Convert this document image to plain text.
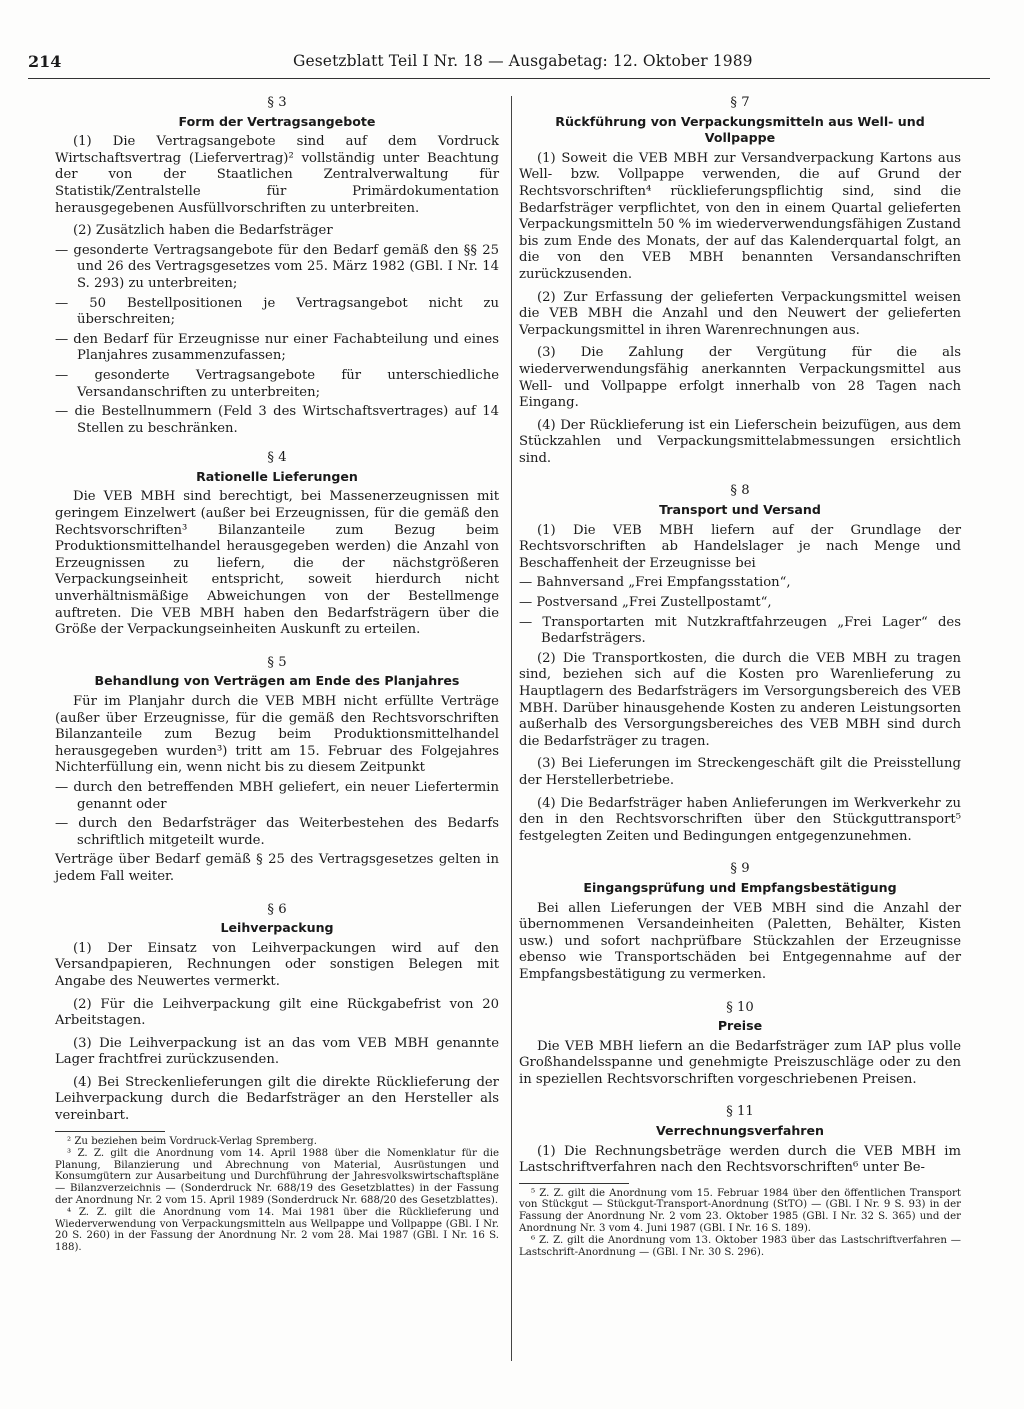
214	Gesetzblatt Teil I Nr. 18 — Ausgabetag: 12. Oktober 1989
§ 3
Form der Vertragsangebote

(1) Die Vertragsangebote sind auf dem Vordruck Wirtschaftsvertrag (Liefervertrag)² vollständig unter Beachtung der von der Staatlichen Zentralverwaltung für Statistik/Zentralstelle für Primärdokumentation herausgegebenen Ausfüllvorschriften zu unterbreiten.

(2) Zusätzlich haben die Bedarfsträger

— gesonderte Vertragsangebote für den Bedarf gemäß den §§ 25 und 26 des Vertragsgesetzes vom 25. März 1982 (GBl. I Nr. 14 S. 293) zu unterbreiten;

— 50 Bestellpositionen je Vertragsangebot nicht zu überschreiten;

— den Bedarf für Erzeugnisse nur einer Fachabteilung und eines Planjahres zusammenzufassen;

— gesonderte Vertragsangebote für unterschiedliche Versandanschriften zu unterbreiten;

— die Bestellnummern (Feld 3 des Wirtschaftsvertrages) auf 14 Stellen zu beschränken.

§ 4
Rationelle Lieferungen

Die VEB MBH sind berechtigt, bei Massenerzeugnissen mit geringem Einzelwert (außer bei Erzeugnissen, für die gemäß den Rechtsvorschriften³ Bilanzanteile zum Bezug beim Produktionsmittelhandel herausgegeben werden) die Anzahl von Erzeugnissen zu liefern, die der nächstgrößeren Verpackungseinheit entspricht, soweit hierdurch nicht unverhältnismäßige Abweichungen von der Bestellmenge auftreten. Die VEB MBH haben den Bedarfsträgern über die Größe der Verpackungseinheiten Auskunft zu erteilen.

§ 5
Behandlung von Verträgen am Ende des Planjahres

Für im Planjahr durch die VEB MBH nicht erfüllte Verträge (außer über Erzeugnisse, für die gemäß den Rechtsvorschriften Bilanzanteile zum Bezug beim Produktionsmittelhandel herausgegeben wurden³) tritt am 15. Februar des Folgejahres Nichterfüllung ein, wenn nicht bis zu diesem Zeitpunkt

— durch den betreffenden MBH geliefert, ein neuer Liefertermin genannt oder

— durch den Bedarfsträger das Weiterbestehen des Bedarfs schriftlich mitgeteilt wurde.

Verträge über Bedarf gemäß § 25 des Vertragsgesetzes gelten in jedem Fall weiter.

§ 6
Leihverpackung

(1) Der Einsatz von Leihverpackungen wird auf den Versandpapieren, Rechnungen oder sonstigen Belegen mit Angabe des Neuwertes vermerkt.

(2) Für die Leihverpackung gilt eine Rückgabefrist von 20 Arbeitstagen.

(3) Die Leihverpackung ist an das vom VEB MBH genannte Lager frachtfrei zurückzusenden.

(4) Bei Streckenlieferungen gilt die direkte Rücklieferung der Leihverpackung durch die Bedarfsträger an den Hersteller als vereinbart.

² Zu beziehen beim Vordruck-Verlag Spremberg.

³ Z. Z. gilt die Anordnung vom 14. April 1988 über die Nomenklatur für die Planung, Bilanzierung und Abrechnung von Material, Ausrüstungen und Konsumgütern zur Ausarbeitung und Durchführung der Jahresvolkswirtschaftspläne — Bilanzverzeichnis — (Sonderdruck Nr. 688/19 des Gesetzblattes) in der Fassung der Anordnung Nr. 2 vom 15. April 1989 (Sonderdruck Nr. 688/20 des Gesetzblattes).

⁴ Z. Z. gilt die Anordnung vom 14. Mai 1981 über die Rücklieferung und Wiederverwendung von Verpackungsmitteln aus Wellpappe und Vollpappe (GBl. I Nr. 20 S. 260) in der Fassung der Anordnung Nr. 2 vom 28. Mai 1987 (GBl. I Nr. 16 S. 188).

§ 7
Rückführung von Verpackungsmitteln aus Well- und Vollpappe

(1) Soweit die VEB MBH zur Versandverpackung Kartons aus Well- bzw. Vollpappe verwenden, die auf Grund der Rechtsvorschriften⁴ rücklieferungspflichtig sind, sind die Bedarfsträger verpflichtet, von den in einem Quartal gelieferten Verpackungsmitteln 50 % im wiederverwendungsfähigen Zustand bis zum Ende des Monats, der auf das Kalenderquartal folgt, an die von den VEB MBH benannten Versandanschriften zurückzusenden.

(2) Zur Erfassung der gelieferten Verpackungsmittel weisen die VEB MBH die Anzahl und den Neuwert der gelieferten Verpackungsmittel in ihren Warenrechnungen aus.

(3) Die Zahlung der Vergütung für die als wiederverwendungsfähig anerkannten Verpackungsmittel aus Well- und Vollpappe erfolgt innerhalb von 28 Tagen nach Eingang.

(4) Der Rücklieferung ist ein Lieferschein beizufügen, aus dem Stückzahlen und Verpackungsmittelabmessungen ersichtlich sind.

§ 8
Transport und Versand

(1) Die VEB MBH liefern auf der Grundlage der Rechtsvorschriften ab Handelslager je nach Menge und Beschaffenheit der Erzeugnisse bei

— Bahnversand „Frei Empfangsstation“,

— Postversand „Frei Zustellpostamt“,

— Transportarten mit Nutzkraftfahrzeugen „Frei Lager“ des Bedarfsträgers.

(2) Die Transportkosten, die durch die VEB MBH zu tragen sind, beziehen sich auf die Kosten pro Warenlieferung zu Hauptlagern des Bedarfsträgers im Versorgungsbereich des VEB MBH. Darüber hinausgehende Kosten zu anderen Leistungsorten außerhalb des Versorgungsbereiches des VEB MBH sind durch die Bedarfsträger zu tragen.

(3) Bei Lieferungen im Streckengeschäft gilt die Preisstellung der Herstellerbetriebe.

(4) Die Bedarfsträger haben Anlieferungen im Werkverkehr zu den in den Rechtsvorschriften über den Stückguttransport⁵ festgelegten Zeiten und Bedingungen entgegenzunehmen.

§ 9
Eingangsprüfung und Empfangsbestätigung

Bei allen Lieferungen der VEB MBH sind die Anzahl der übernommenen Versandeinheiten (Paletten, Behälter, Kisten usw.) und sofort nachprüfbare Stückzahlen der Erzeugnisse ebenso wie Transportschäden bei Entgegennahme auf der Empfangsbestätigung zu vermerken.

§ 10
Preise

Die VEB MBH liefern an die Bedarfsträger zum IAP plus volle Großhandelsspanne und genehmigte Preiszuschläge oder zu den in speziellen Rechtsvorschriften vorgeschriebenen Preisen.

§ 11
Verrechnungsverfahren

(1) Die Rechnungsbeträge werden durch die VEB MBH im Lastschriftverfahren nach den Rechtsvorschriften⁶ unter Be-

⁵ Z. Z. gilt die Anordnung vom 15. Februar 1984 über den öffentlichen Transport von Stückgut — Stückgut-Transport-Anordnung (StTO) — (GBl. I Nr. 9 S. 93) in der Fassung der Anordnung Nr. 2 vom 23. Oktober 1985 (GBl. I Nr. 32 S. 365) und der Anordnung Nr. 3 vom 4. Juni 1987 (GBl. I Nr. 16 S. 189).

⁶ Z. Z. gilt die Anordnung vom 13. Oktober 1983 über das Lastschriftverfahren — Lastschrift-Anordnung — (GBl. I Nr. 30 S. 296).
